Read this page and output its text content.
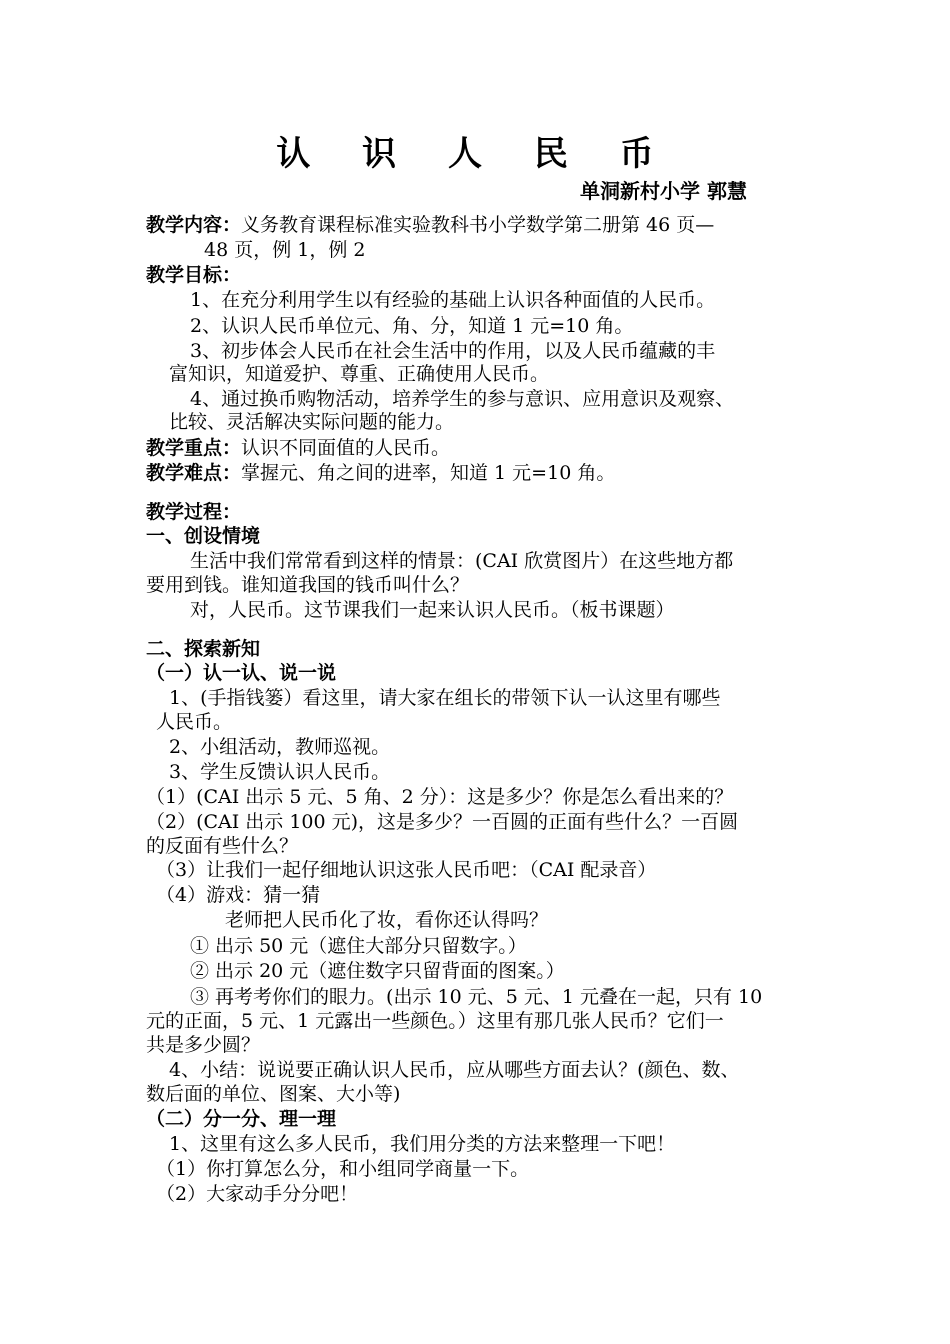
认 识 人 民 币
单洞新村小学 郭慧
教学内容：义务教育课程标准实验教科书小学数学第二册第 46 页—
48 页，例 1，例 2
教学目标：
1、在充分利用学生以有经验的基础上认识各种面值的人民币。
2、认识人民币单位元、角、分，知道 1 元=10 角。
3、初步体会人民币在社会生活中的作用，以及人民币蕴藏的丰
富知识，知道爱护、尊重、正确使用人民币。
4、通过换币购物活动，培养学生的参与意识、应用意识及观察、
比较、灵活解决实际问题的能力。
教学重点：认识不同面值的人民币。
教学难点：掌握元、角之间的进率，知道 1 元=10 角。
教学过程：
一、创设情境
生活中我们常常看到这样的情景：(CAI 欣赏图片）在这些地方都
要用到钱。谁知道我国的钱币叫什么？
对，人民币。这节课我们一起来认识人民币。（板书课题）
二、探索新知
（一）认一认、说一说
1、(手指钱篓）看这里，请大家在组长的带领下认一认这里有哪些
人民币。
2、小组活动，教师巡视。
3、学生反馈认识人民币。
（1）(CAI 出示 5 元、5 角、2 分）：这是多少？你是怎么看出来的？
（2）(CAI 出示 100 元)，这是多少？一百圆的正面有些什么？一百圆
的反面有些什么？
（3）让我们一起仔细地认识这张人民币吧：（CAI 配录音）
（4）游戏：猜一猜
老师把人民币化了妆，看你还认得吗？
① 出示 50 元（遮住大部分只留数字。）
② 出示 20 元（遮住数字只留背面的图案。）
③ 再考考你们的眼力。(出示 10 元、5 元、1 元叠在一起，只有 10
元的正面，5 元、1 元露出一些颜色。）这里有那几张人民币？它们一
共是多少圆？
4、小结：说说要正确认识人民币，应从哪些方面去认？(颜色、数、
数后面的单位、图案、大小等)
（二）分一分、理一理
1、这里有这么多人民币，我们用分类的方法来整理一下吧！
（1）你打算怎么分，和小组同学商量一下。
（2）大家动手分分吧！
